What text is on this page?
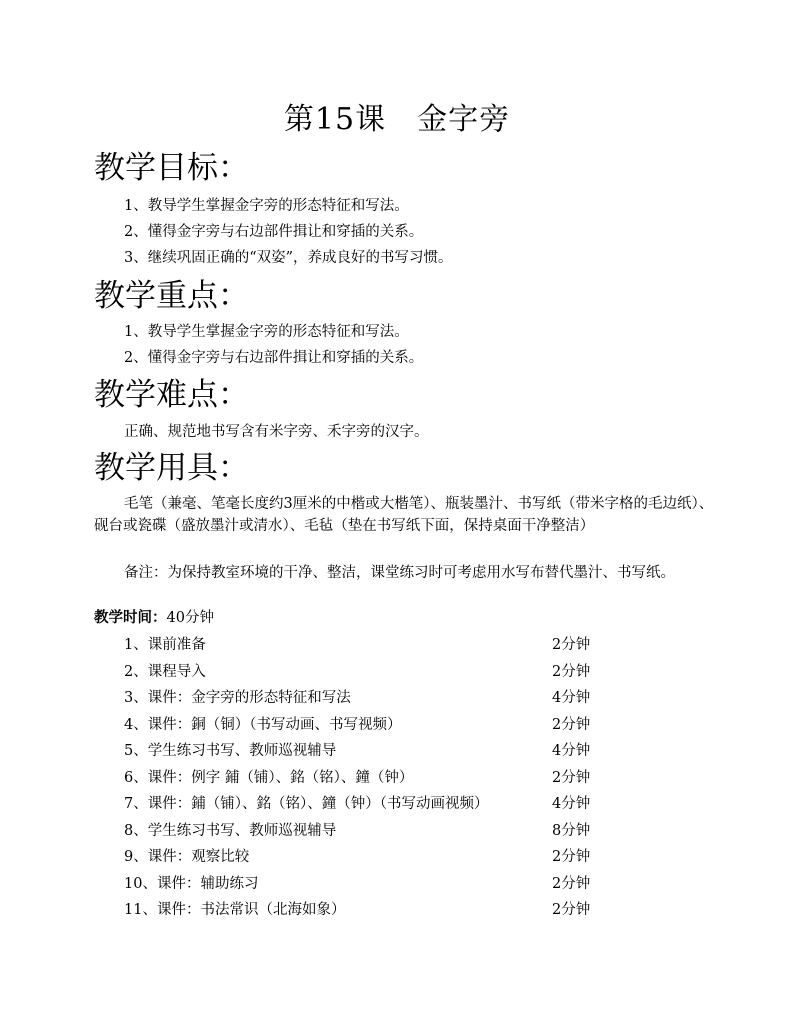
第15课　金字旁
教学目标：
1、教导学生掌握金字旁的形态特征和写法。
2、懂得金字旁与右边部件揖让和穿插的关系。
3、继续巩固正确的“双姿”，养成良好的书写习惯。
教学重点：
1、教导学生掌握金字旁的形态特征和写法。
2、懂得金字旁与右边部件揖让和穿插的关系。
教学难点：
正确、规范地书写含有米字旁、禾字旁的汉字。
教学用具：

毛笔（兼毫、笔毫长度约3厘米的中楷或大楷笔）、瓶装墨汁、书写纸（带米字格的毛边纸）、砚台或瓷碟（盛放墨汁或清水）、毛毡（垫在书写纸下面，保持桌面干净整洁）

备注：为保持教室环境的干净、整洁，课堂练习时可考虑用水写布替代墨汁、书写纸。

教学时间：40分钟
1、课前准备	2分钟
2、课程导入	2分钟
3、课件：金字旁的形态特征和写法	4分钟
4、课件：銅（铜）（书写动画、书写视频）	2分钟
5、学生练习书写、教师巡视辅导	4分钟
6、课件：例字 鋪（铺）、銘（铭）、鐘（钟）	2分钟
7、课件：鋪（铺）、銘（铭）、鐘（钟）（书写动画视频）	4分钟
8、学生练习书写、教师巡视辅导	8分钟
9、课件：观察比较	2分钟
10、课件：辅助练习	2分钟
11、课件：书法常识（北海如象）	2分钟
